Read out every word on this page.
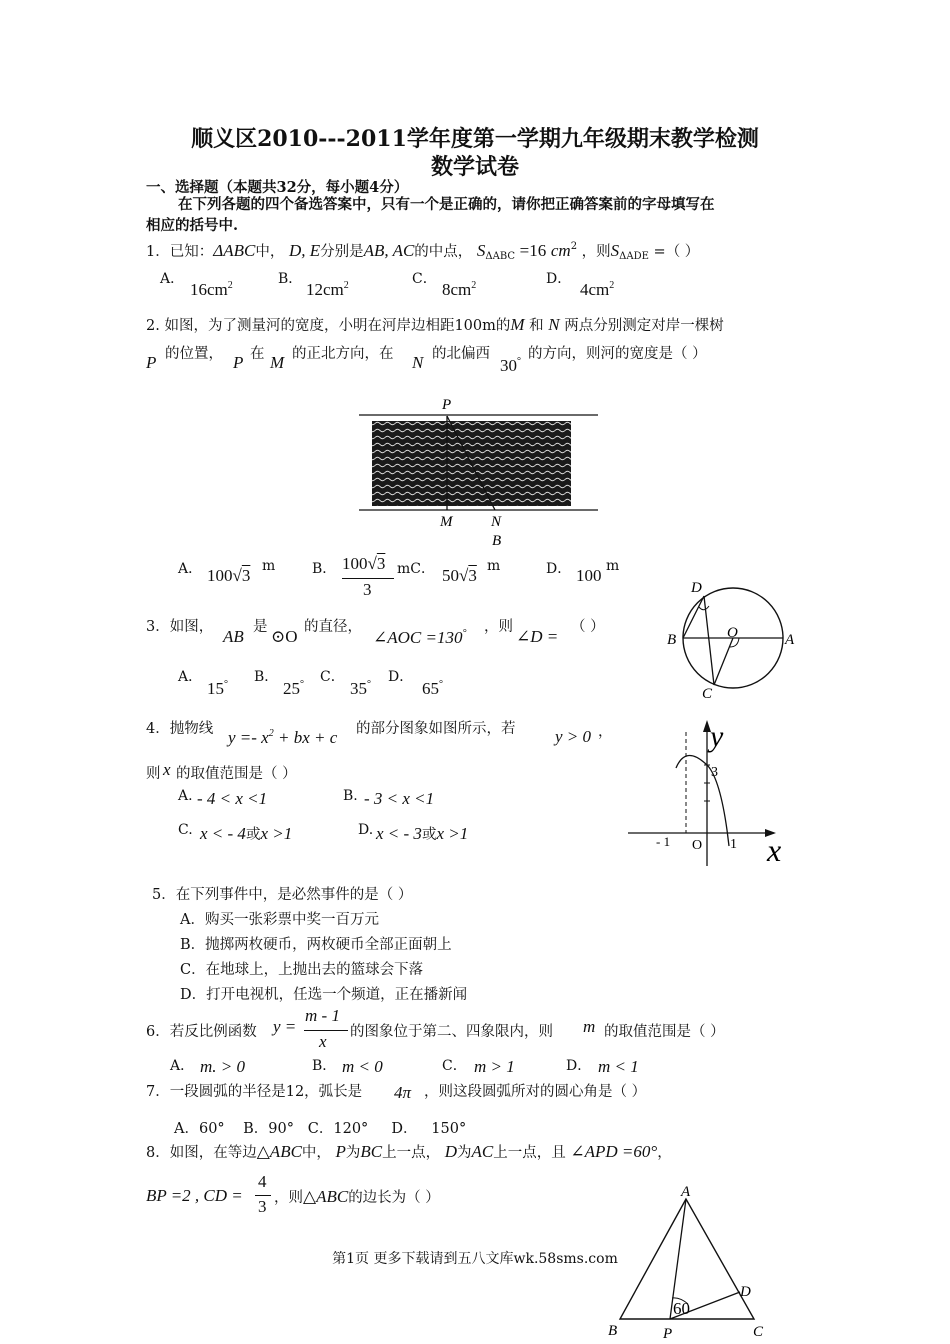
顺义区2010---2011学年度第一学期九年级期末教学检测
数学试卷
一、选择题（本题共32分，每小题4分）
在下列各题的四个备选答案中，只有一个是正确的，请你把正确答案前的字母填写在
相应的括号中.
1．已知：ΔABC中， D, E分别是AB, AC的中点， $S_{\Delta ABC} =16$ $cm^2$ ，则$S_{\Delta ADE}$ =（ ）
A．
$16cm^2$	B．
$12cm^2$	C．
$8cm^2$	D．
$4cm^2$
2. 如图，为了测量河的宽度，小明在河岸边相距100m的M 和 N 两点分别测定对岸一棵树
P 的位置， P 在 M 的正北方向，在 N 的北偏西
30° 的方向，则河的宽度是（ ）
P
M	N
B
A． 100√3 m	B． 100√3
3
mC． 50√3 m	D． 100 m
D
B	O	A
C
3．如图， AB 是 ⊙O 的直径，
∠AOC =130° ，则 ∠D = （ ）
A．
15° B．
25° C．
35° D．
65°
4．抛物线 $y =- x^2$ + bx + c 的部分图象如图所示，若 y > 0 ，
则 x 的取值范围是（ ）
A. - 4 < x <1	B. - 3 < x <1
C. x < - 4或x >1	D. x < - 3或x >1
y
x
3
- 1 O 1
5．在下列事件中，是必然事件的是（ ）
A．购买一张彩票中奖一百万元
B．抛掷两枚硬币，两枚硬币全部正面朝上
C．在地球上，上抛出去的篮球会下落
D．打开电视机，任选一个频道，正在播新闻
6．若反比例函数 y =
m - 1
x 的图象位于第二、四象限内，则 m 的取值范围是（ ）
A． m. > 0	B． m < 0	C． m > 1	D． m < 1
7．一段圆弧的半径是12，弧长是 4π ，则这段圆弧所对的圆心角是（ ）
A．60°    B．90°   C．120°     D．   150°
8．如图，在等边△ABC中， P为BC上一点， D为AC上一点，且 ∠APD =60°，
BP =2 , CD =
4
3 ，则△ABC的边长为（ ）	A
B	P	C
D
60
第1页 更多下载请到五八文库wk.58sms.com
